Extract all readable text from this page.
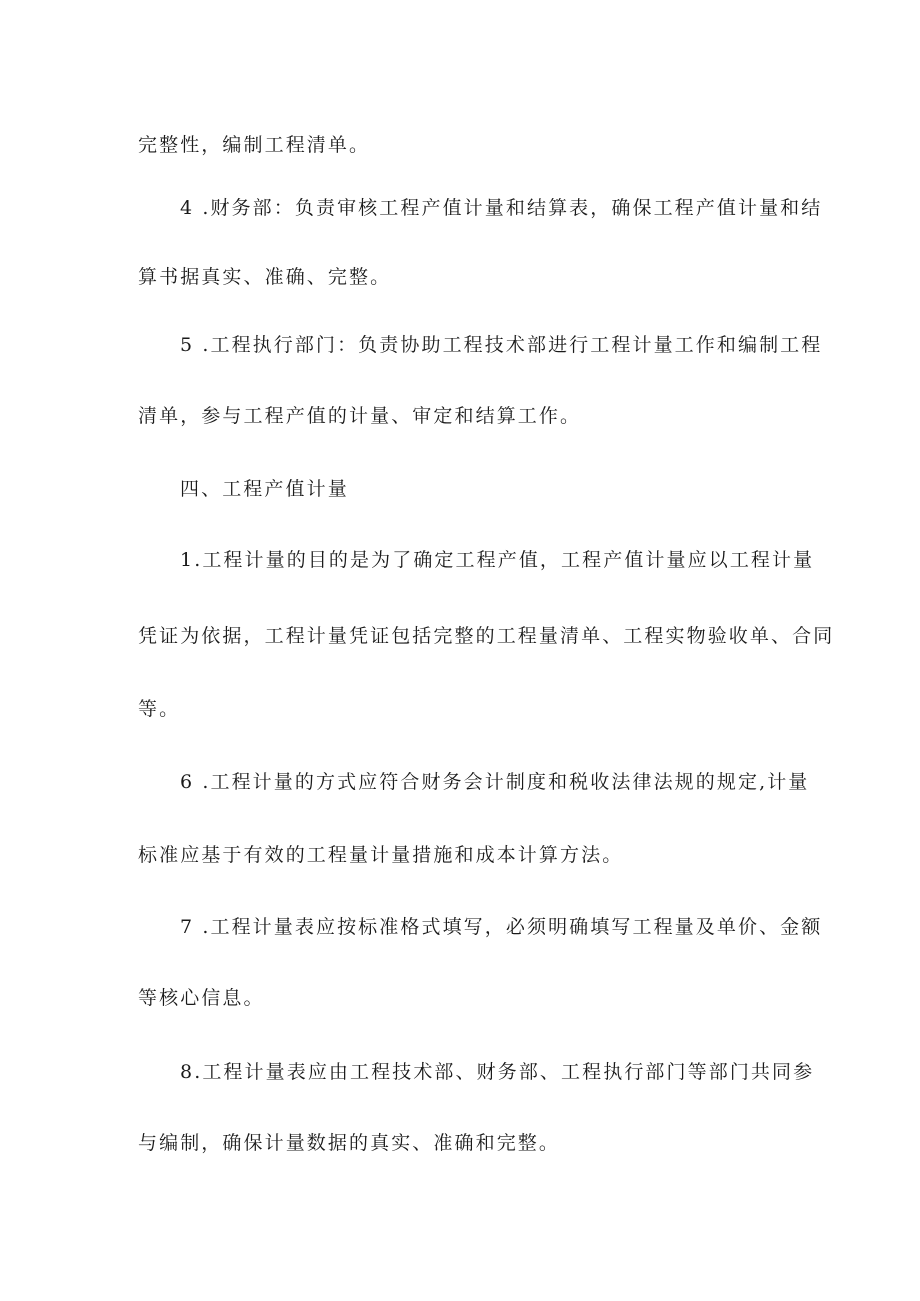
完整性，编制工程清单。
4 .财务部：负责审核工程产值计量和结算表，确保工程产值计量和结
算书据真实、准确、完整。
5 .工程执行部门：负责协助工程技术部进行工程计量工作和编制工程
清单，参与工程产值的计量、审定和结算工作。
四、工程产值计量
1.工程计量的目的是为了确定工程产值，工程产值计量应以工程计量
凭证为依据，工程计量凭证包括完整的工程量清单、工程实物验收单、合同
等。
6 .工程计量的方式应符合财务会计制度和税收法律法规的规定,计量
标准应基于有效的工程量计量措施和成本计算方法。
7 .工程计量表应按标准格式填写，必须明确填写工程量及单价、金额
等核心信息。
8.工程计量表应由工程技术部、财务部、工程执行部门等部门共同参
与编制，确保计量数据的真实、准确和完整。
